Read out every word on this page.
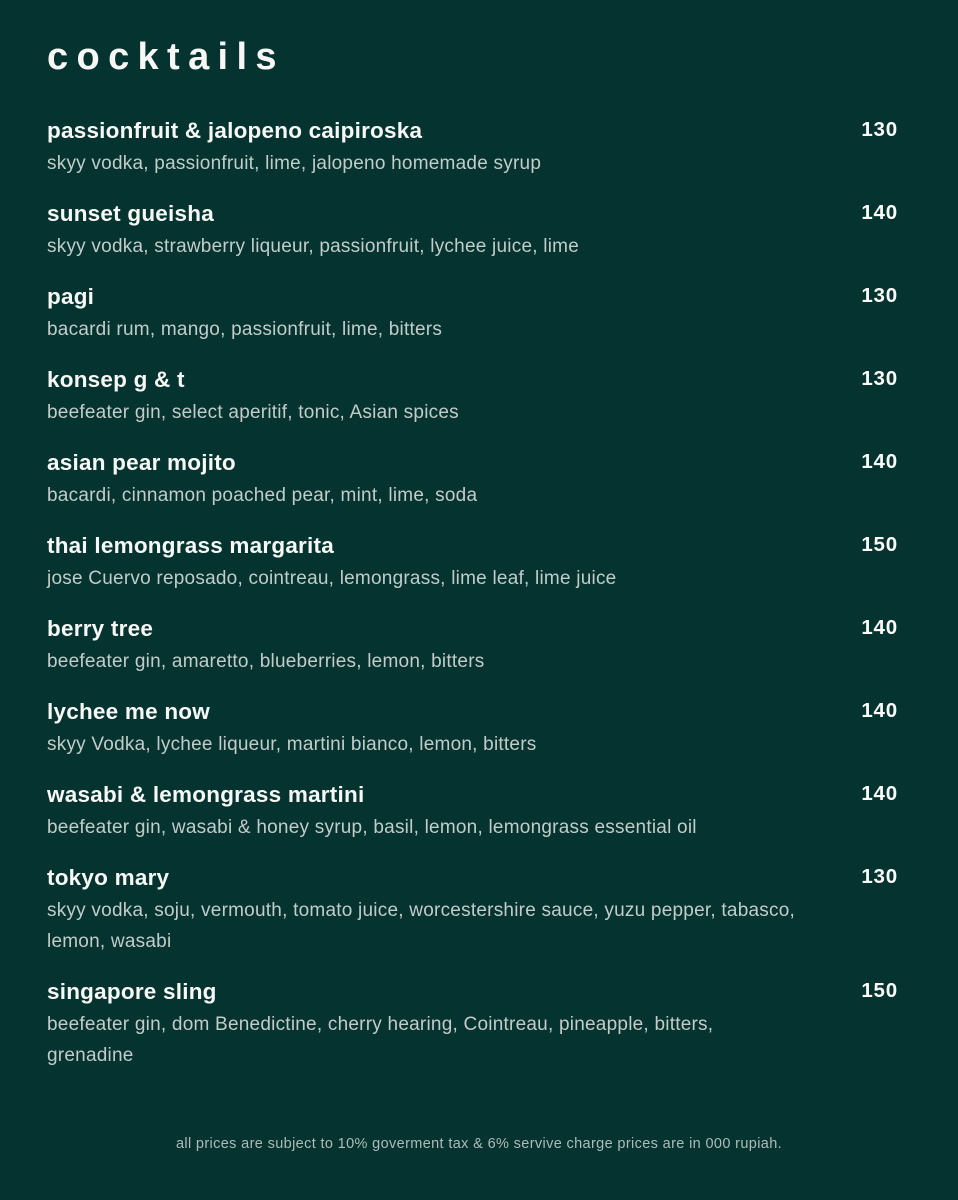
cocktails
passionfruit & jalopeno caipiroska	130

skyy vodka, passionfruit, lime, jalopeno homemade syrup

sunset gueisha	140

skyy vodka, strawberry liqueur, passionfruit, lychee juice, lime

pagi	130

bacardi rum, mango, passionfruit, lime, bitters

konsep g & t	130

beefeater gin, select aperitif, tonic, Asian spices

asian pear mojito	140

bacardi, cinnamon poached pear, mint, lime, soda

thai lemongrass margarita	150

jose Cuervo reposado, cointreau, lemongrass, lime leaf, lime juice

berry tree	140

beefeater gin, amaretto, blueberries, lemon, bitters

lychee me now	140

skyy Vodka, lychee liqueur, martini bianco, lemon, bitters

wasabi & lemongrass martini	140

beefeater gin, wasabi & honey syrup, basil, lemon, lemongrass essential oil

tokyo mary	130

skyy vodka, soju, vermouth, tomato juice, worcestershire sauce, yuzu pepper, tabasco, lemon, wasabi

singapore sling	150

beefeater gin, dom Benedictine, cherry hearing, Cointreau, pineapple, bitters, grenadine

all prices are subject to 10% goverment tax & 6% servive charge prices are in 000 rupiah.
